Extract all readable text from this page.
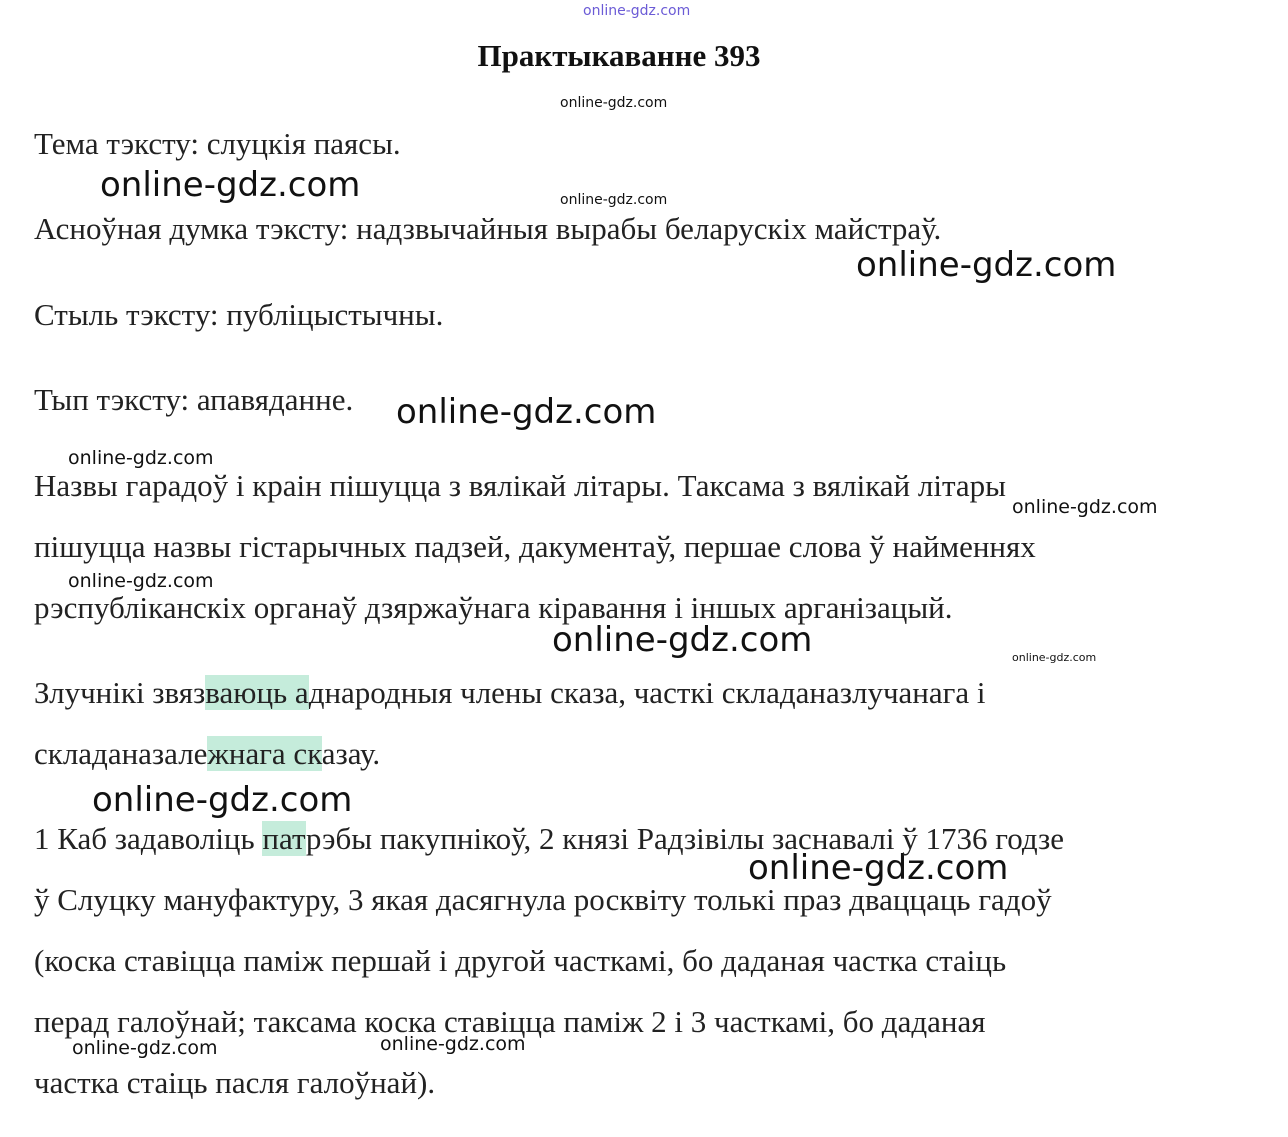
online-gdz.com
online-gdz.com
online-gdz.com	online-gdz.com
online-gdz.com
online-gdz.com
online-gdz.com
online-gdz.com
online-gdz.com
online-gdz.com	online-gdz.com
online-gdz.com
online-gdz.com
online-gdz.com
online-gdz.com
Практыкаванне 393
Тема тэксту: слуцкія паясы.
Асноўная думка тэксту: надзвычайныя вырабы беларускіх майстраў.
Стыль тэксту: публіцыстычны.
Тып тэксту: апавяданне.
Назвы гарадоў і краін пішуцца з вялікай літары. Таксама з вялікай літары
пішуцца назвы гістарычных падзей, дакументаў, першае слова ў найменнях
рэспубліканскіх органаў дзяржаўнага кіравання і іншых арганізацый.
Злучнікі звязваюць аднародныя члены сказа, часткі складаназлучанага і
складаназалежнага сказау.
1 Каб задаволіць патрэбы пакупнікоў, 2 князі Радзівілы заснавалі ў 1736 годзе
ў Слуцку мануфактуру, 3 якая дасягнула росквіту толькі праз дваццаць гадоў
(коска ставіцца паміж першай і другой часткамі, бо даданая частка стаіць
перад галоўнай; таксама коска ставіцца паміж 2 і 3 часткамі, бо даданая
частка стаіць пасля галоўнай).
